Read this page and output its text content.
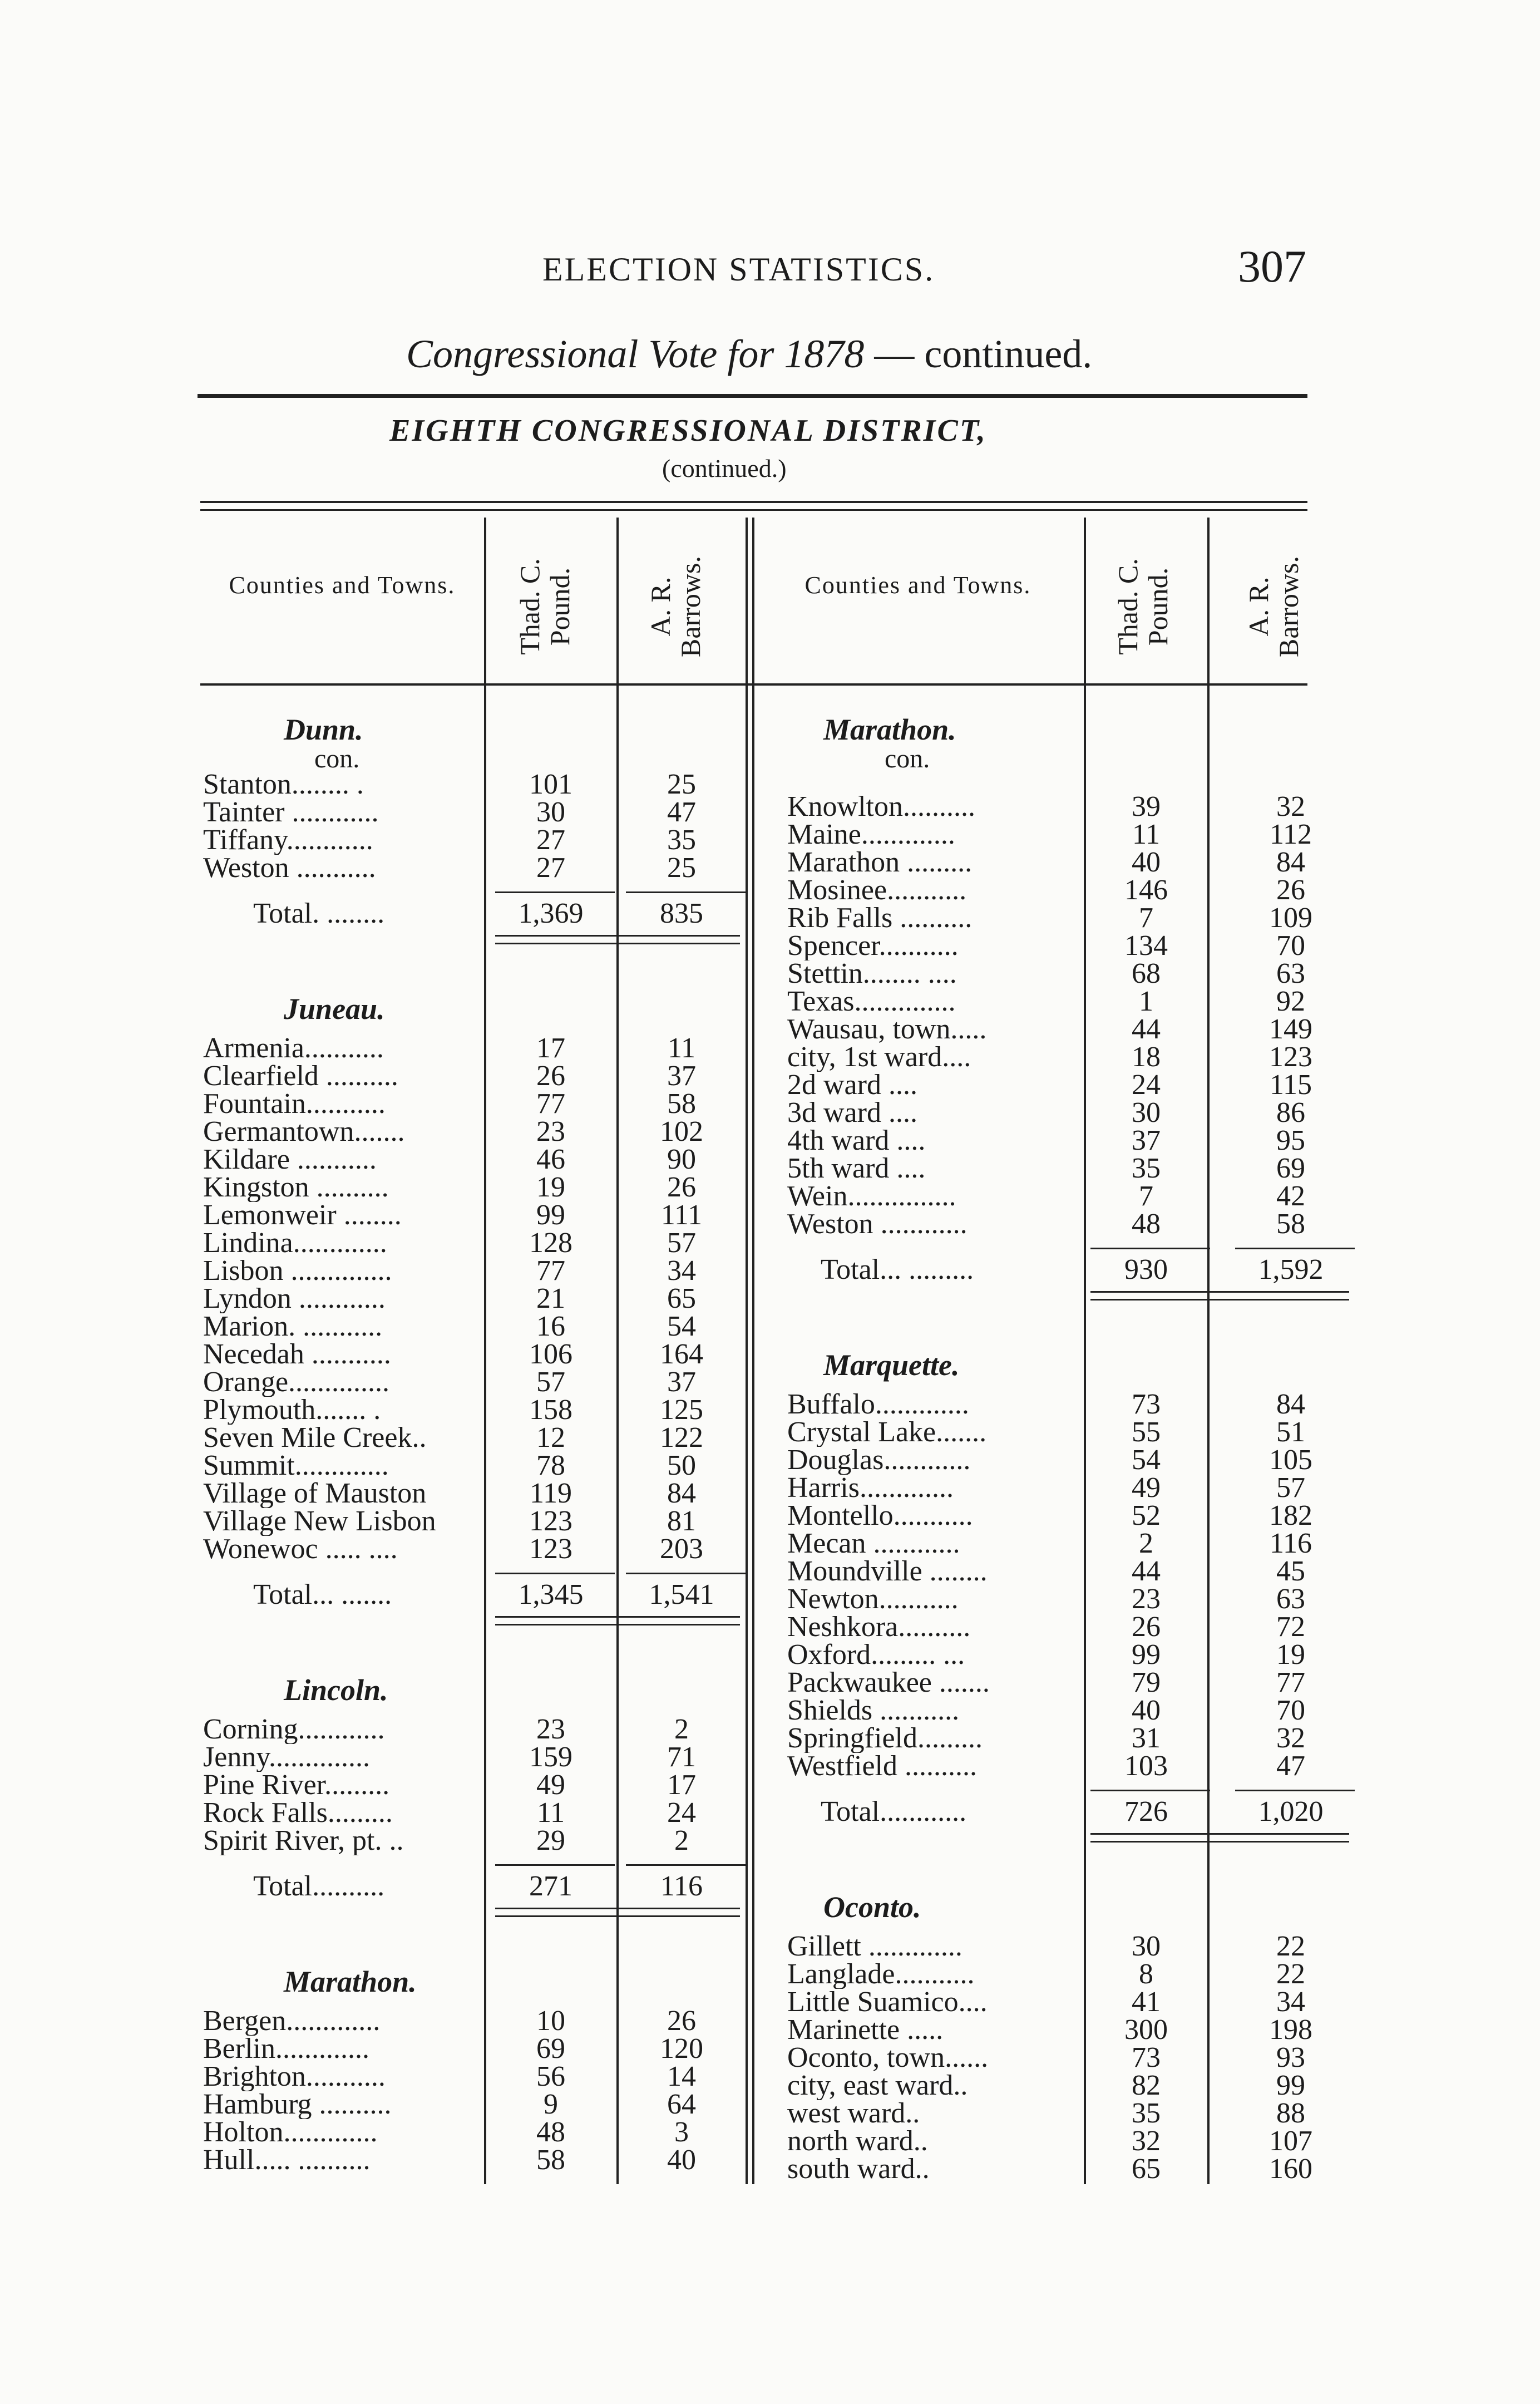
ELECTION STATISTICS.	307
Congressional Vote for 1878 — continued.
EIGHTH CONGRESSIONAL DISTRICT,
(continued.)
Counties and Towns.
Thad. C.
Pound.	A. R.
Barrows.	Counties and Towns.
Thad. C.
Pound.	A. R.
Barrows.
Dunn.
con.
Stanton........ .	101	25
Tainter ............	30	47
Tiffany............	27	35
Weston ...........	27	25
Total. ........	1,369	835
Juneau.
Armenia...........	17	11
Clearfield ..........	26	37
Fountain...........	77	58
Germantown.......	23	102
Kildare ...........	46	90
Kingston ..........	19	26
Lemonweir ........	99	111
Lindina.............	128	57
Lisbon ..............	77	34
Lyndon ............	21	65
Marion. ...........	16	54
Necedah ...........	106	164
Orange..............	57	37
Plymouth....... .	158	125
Seven Mile Creek..	12	122
Summit.............	78	50
Village of Mauston	119	84
Village New Lisbon	123	81
Wonewoc ..... ....	123	203
Total... .......	1,345	1,541
Lincoln.
Corning............	23	2
Jenny..............	159	71
Pine River.........	49	17
Rock Falls.........	11	24
Spirit River, pt. ..	29	2
Total..........	271	116
Marathon.
Bergen.............	10	26
Berlin.............	69	120
Brighton...........	56	14
Hamburg ..........	9	64
Holton.............	48	3
Hull..... ..........	58	40
Marathon.
con.
Knowlton..........	39	32
Maine.............	11	112
Marathon .........	40	84
Mosinee...........	146	26
Rib Falls ..........	7	109
Spencer...........	134	70
Stettin........ ....	68	63
Texas..............	1	92
Wausau, town.....	44	149
city, 1st ward....	18	123
2d ward ....	24	115
3d ward ....	30	86
4th ward ....	37	95
5th ward ....	35	69
Wein...............	7	42
Weston ............	48	58
Total... .........	930	1,592
Marquette.
Buffalo.............	73	84
Crystal Lake.......	55	51
Douglas............	54	105
Harris.............	49	57
Montello...........	52	182
Mecan ............	2	116
Moundville ........	44	45
Newton...........	23	63
Neshkora..........	26	72
Oxford......... ...	99	19
Packwaukee .......	79	77
Shields ...........	40	70
Springfield.........	31	32
Westfield ..........	103	47
Total............	726	1,020
Oconto.
Gillett .............	30	22
Langlade...........	8	22
Little Suamico....	41	34
Marinette .....	300	198
Oconto, town......	73	93
city, east ward..	82	99
west ward..	35	88
north ward..	32	107
south ward..	65	160
